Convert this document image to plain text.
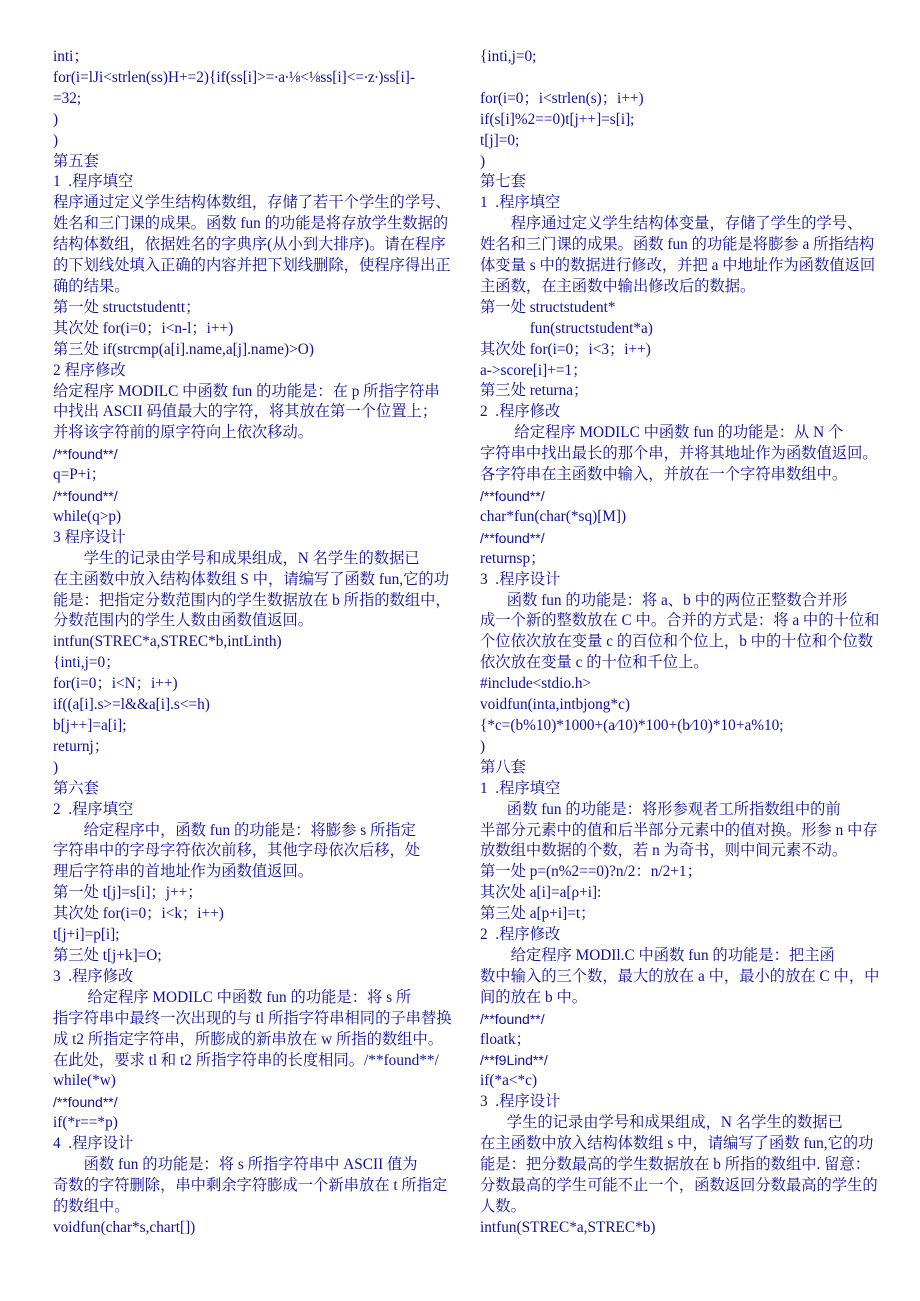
inti；
for(i=lJi<strlen(ss)H+=2){if(ss[i]>=∙a∙⅛<⅛ss[i]<=∙z∙)ss[i]-
=32;
)
)
第五套
1  .程序填空
程序通过定义学生结构体数组，存储了若干个学生的学号、
姓名和三门课的成果。函数 fun 的功能是将存放学生数据的
结构体数组，依据姓名的字典序(从小到大排序)。请在程序
的下划线处填入正确的内容并把下划线删除，使程序得出正
确的结果。
第一处 structstudentt；
其次处 for(i=0；i<n-l；i++)
第三处 if(strcmp(a[i].name,a[j].name)>O)
2 程序修改
给定程序 MODILC 中函数 fun 的功能是：在 p 所指字符串
中找出 ASCII 码值最大的字符，将其放在第一个位置上；
并将该字符前的原字符向上依次移动。
/**found**/
q=P+i；
/**found**/
while(q>p)
3 程序设计
学生的记录由学号和成果组成，N 名学生的数据已
在主函数中放入结构体数组 S 中，请编写了函数 fun,它的功
能是：把指定分数范围内的学生数据放在 b 所指的数组中，
分数范围内的学生人数由函数值返回。
intfun(STREC*a,STREC*b,intLinth)
{inti,j=0；
for(i=0；i<N；i++)
if((a[i].s>=l&&a[i].s<=h)
b[j++]=a[i];
returnj；
)
第六套
2  .程序填空
给定程序中，函数 fun 的功能是：将膨参 s 所指定
字符串中的字母字符依次前移，其他字母依次后移，处
理后字符串的首地址作为函数值返回。
第一处 t[j]=s[i]；j++；
其次处 for(i=0；i<k；i++)
t[j+i]=p[i];
第三处 t[j+k]=O;
3  .程序修改
给定程序 MODILC 中函数 fun 的功能是：将 s 所
指字符串中最终一次出现的与 tl 所指字符串相同的子串替换
成 t2 所指定字符串，所膨成的新串放在 w 所指的数组中。
在此处，要求 tl 和 t2 所指字符串的长度相同。/**found**/
while(*w)
/**found**/
if(*r==*p)
4  .程序设计
函数 fun 的功能是：将 s 所指字符串中 ASCII 值为
奇数的字符删除，串中剩余字符膨成一个新串放在 t 所指定
的数组中。
voidfun(char*s,chart[])
{inti,j=0;
for(i=0；i<strlen(s)；i++)
if(s[i]%2==0)t[j++]=s[i];
t[j]=0;
)
第七套
1  .程序填空
程序通过定义学生结构体变量，存储了学生的学号、
姓名和三门课的成果。函数 fun 的功能是将膨参 a 所指结构
体变量 s 中的数据进行修改，并把 a 中地址作为函数值返回
主函数，在主函数中输出修改后的数据。
第一处 structstudent*
fun(structstudent*a)
其次处 for(i=0；i<3；i++)
a->score[i]+=1；
第三处 returna；
2  .程序修改
给定程序 MODILC 中函数 fun 的功能是：从 N 个
字符串中找出最长的那个串，并将其地址作为函数值返回。
各字符串在主函数中输入，并放在一个字符串数组中。
/**found**/
char*fun(char(*sq)[M])
/**found**/
returnsp；
3  .程序设计
函数 fun 的功能是：将 a、b 中的两位正整数合并形
成一个新的整数放在 C 中。合并的方式是：将 a 中的十位和
个位依次放在变量 c 的百位和个位上，b 中的十位和个位数
依次放在变量 c 的十位和千位上。
#include<stdio.h>
voidfun(inta,intbjong*c)
{*c=(b%10)*1000+(a∕10)*100+(b∕10)*10+a%10;
)
第八套
1  .程序填空
函数 fun 的功能是：将形参观者工所指数组中的前
半部分元素中的值和后半部分元素中的值对换。形参 n 中存
放数组中数据的个数，若 n 为奇书，则中间元素不动。
第一处 p=(n%2==0)?n/2：n/2+1；
其次处 a[i]=a[ρ+i]:
第三处 a[p+i]=t；
2  .程序修改
给定程序 MODIl.C 中函数 fun 的功能是：把主函
数中输入的三个数，最大的放在 a 中，最小的放在 C 中，中
间的放在 b 中。
/**found**/
floatk；
/**f9Lind**/
if(*a<*c)
3  .程序设计
学生的记录由学号和成果组成，N 名学生的数据已
在主函数中放入结构体数组 s 中，请编写了函数 fun,它的功
能是：把分数最高的学生数据放在 b 所指的数组中. 留意：
分数最高的学生可能不止一个，函数返回分数最高的学生的
人数。
intfun(STREC*a,STREC*b)
